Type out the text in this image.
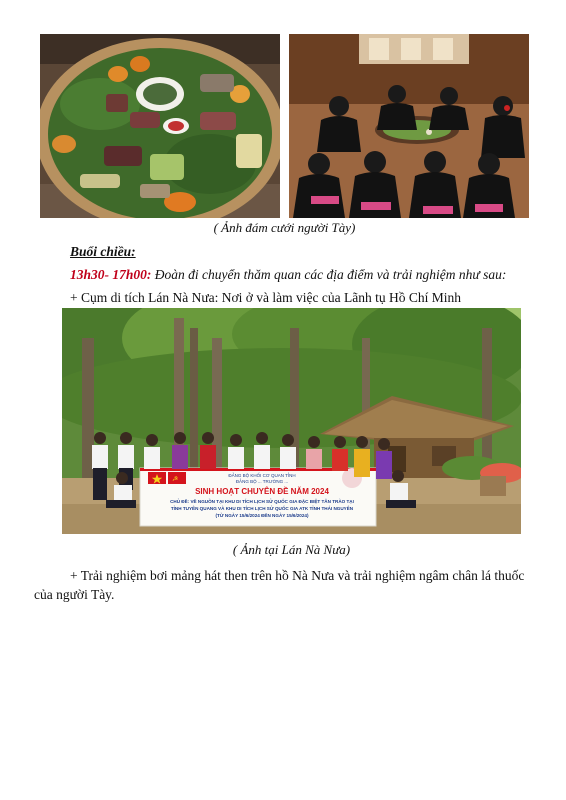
( Ảnh đám cưới người Tày)
Buổi chiều:
13h30- 17h00: Đoàn đi chuyển thăm quan các địa điểm và trải nghiệm như sau:
+ Cụm di tích Lán Nà Nưa: Nơi ở và làm việc của Lãnh tụ Hồ Chí Minh
☭	ĐẢNG BỘ KHỐI CƠ QUAN TỈNH
ĐẢNG BỘ ... TRƯỜNG ...
SINH HOẠT CHUYÊN ĐỀ NĂM 2024
CHỦ ĐỀ: VỀ NGUỒN TẠI KHU DI TÍCH LỊCH SỬ QUỐC GIA ĐẶC BIỆT TÂN TRÀO TẠI
TỈNH TUYÊN QUANG VÀ KHU DI TÍCH LỊCH SỬ QUỐC GIA ATK TỈNH THÁI NGUYÊN
(TỪ NGÀY 15/6/2024 ĐẾN NGÀY 15/6/2024)
( Ảnh tại Lán Nà Nưa)
+ Trải nghiệm bơi mảng hát then trên hồ Nà Nưa và trải nghiệm ngâm chân lá thuốc
của người Tày.
